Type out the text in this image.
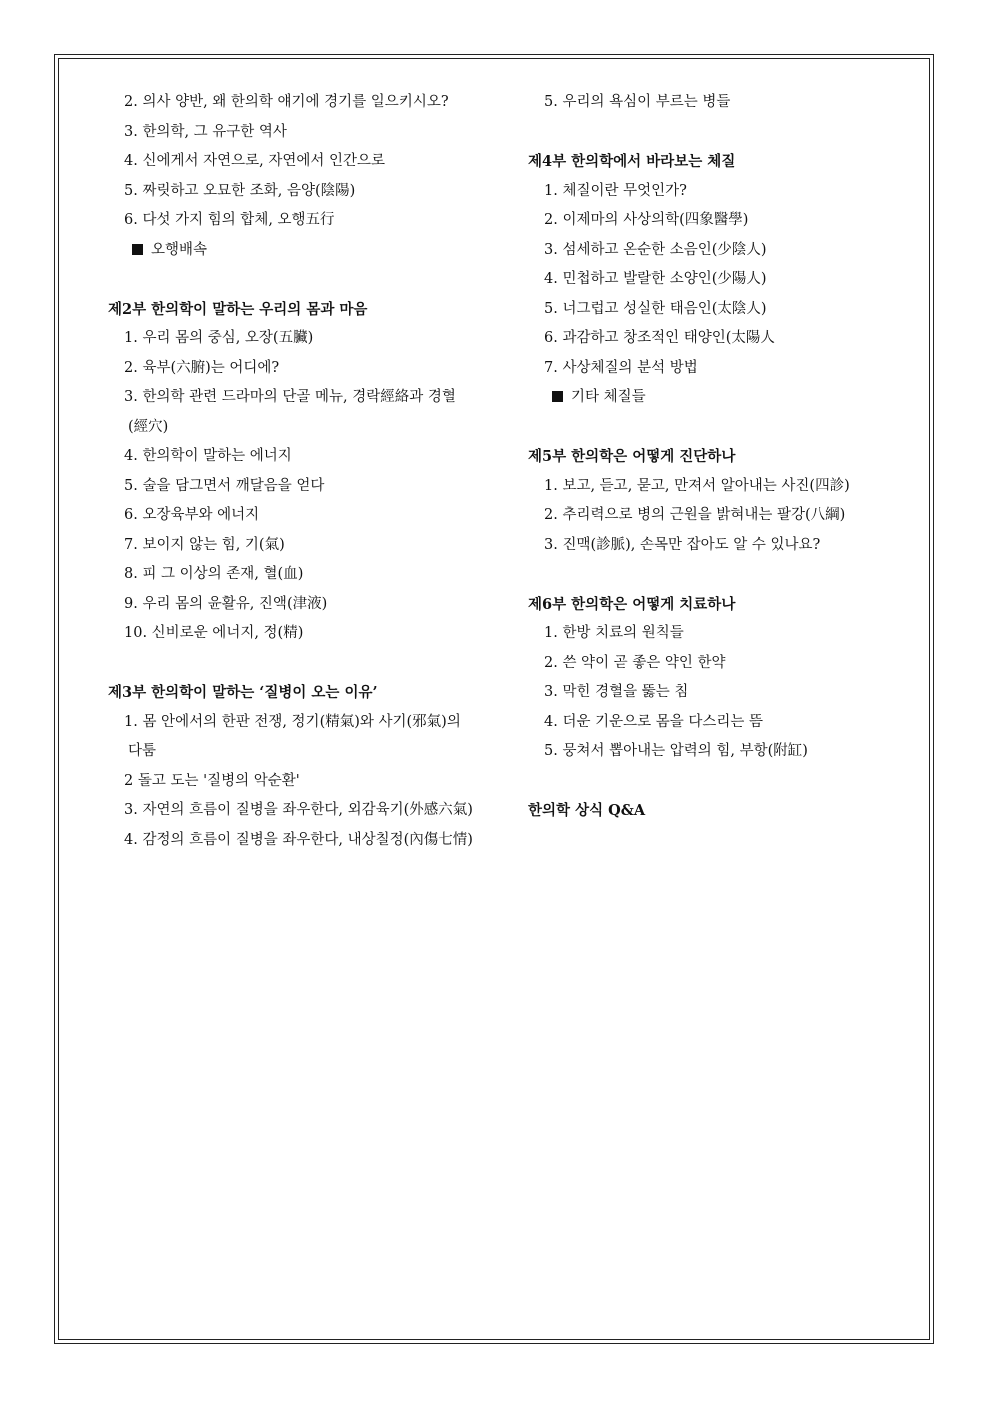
2. 의사 양반, 왜 한의학 얘기에 경기를 일으키시오?
3. 한의학, 그 유구한 역사
4. 신에게서 자연으로, 자연에서 인간으로
5. 짜릿하고 오묘한 조화, 음양(陰陽)
6. 다섯 가지 힘의 합체, 오행五行
오행배속
제2부 한의학이 말하는 우리의 몸과 마음
1. 우리 몸의 중심, 오장(五臟)
2. 육부(六腑)는 어디에?
3. 한의학 관련 드라마의 단골 메뉴, 경락經絡과 경혈
(經穴)
4. 한의학이 말하는 에너지
5. 술을 담그면서 깨달음을 얻다
6. 오장육부와 에너지
7. 보이지 않는 힘, 기(氣)
8. 피 그 이상의 존재, 혈(血)
9. 우리 몸의 윤활유, 진액(津液)
10. 신비로운 에너지, 정(精)
제3부 한의학이 말하는 ‘질병이 오는 이유’
1. 몸 안에서의 한판 전쟁, 정기(精氣)와 사기(邪氣)의
다툼
2 돌고 도는 '질병의 악순환'
3. 자연의 흐름이 질병을 좌우한다, 외감육기(外感六氣)
4. 감정의 흐름이 질병을 좌우한다, 내상칠정(內傷七情)
5. 우리의 욕심이 부르는 병들
제4부 한의학에서 바라보는 체질
1. 체질이란 무엇인가?
2. 이제마의 사상의학(四象醫學)
3. 섬세하고 온순한 소음인(少陰人)
4. 민첩하고 발랄한 소양인(少陽人)
5. 너그럽고 성실한 태음인(太陰人)
6. 과감하고 창조적인 태양인(太陽人
7. 사상체질의 분석 방법
기타 체질들
제5부 한의학은 어떻게 진단하나
1. 보고, 듣고, 묻고, 만져서 알아내는 사진(四診)
2. 추리력으로 병의 근원을 밝혀내는 팔강(八綱)
3. 진맥(診脈), 손목만 잡아도 알 수 있나요?
제6부 한의학은 어떻게 치료하나
1. 한방 치료의 원칙들
2. 쓴 약이 곧 좋은 약인 한약
3. 막힌 경혈을 뚫는 침
4. 더운 기운으로 몸을 다스리는 뜸
5. 뭉쳐서 뽑아내는 압력의 힘, 부항(附缸)
한의학 상식 Q&A
